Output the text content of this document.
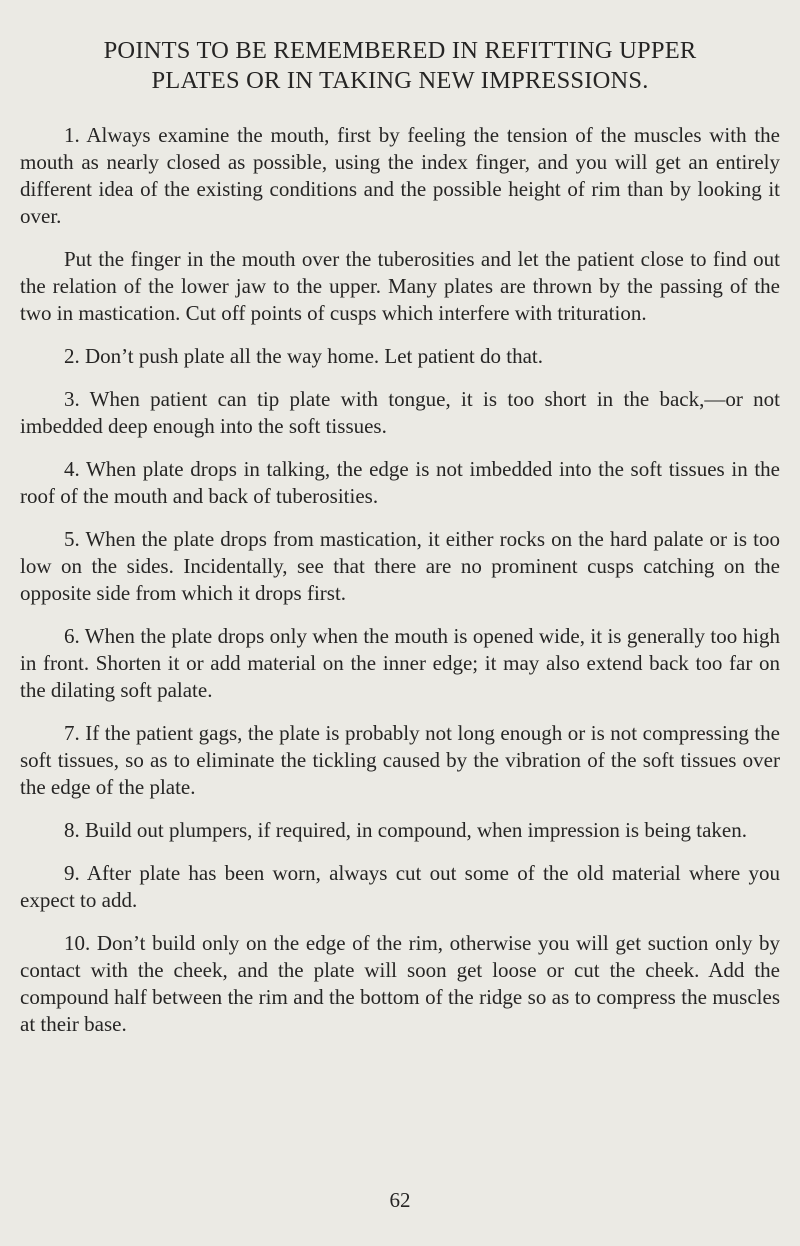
POINTS TO BE REMEMBERED IN REFITTING UPPER
PLATES OR IN TAKING NEW IMPRESSIONS.

1. Always examine the mouth, first by feeling the tension of the muscles with the mouth as nearly closed as possible, using the index finger, and you will get an entirely different idea of the existing conditions and the possible height of rim than by looking it over.

Put the finger in the mouth over the tuberosities and let the patient close to find out the relation of the lower jaw to the upper. Many plates are thrown by the passing of the two in mastication. Cut off points of cusps which interfere with trituration.

2. Don’t push plate all the way home. Let patient do that.

3. When patient can tip plate with tongue, it is too short in the back,—or not imbedded deep enough into the soft tissues.

4. When plate drops in talking, the edge is not imbedded into the soft tissues in the roof of the mouth and back of tuberosities.

5. When the plate drops from mastication, it either rocks on the hard palate or is too low on the sides. Incidentally, see that there are no prominent cusps catching on the opposite side from which it drops first.

6. When the plate drops only when the mouth is opened wide, it is generally too high in front. Shorten it or add material on the inner edge; it may also extend back too far on the dilating soft palate.

7. If the patient gags, the plate is probably not long enough or is not compressing the soft tissues, so as to eliminate the tickling caused by the vibration of the soft tissues over the edge of the plate.

8. Build out plumpers, if required, in compound, when impression is being taken.

9. After plate has been worn, always cut out some of the old material where you expect to add.

10. Don’t build only on the edge of the rim, otherwise you will get suction only by contact with the cheek, and the plate will soon get loose or cut the cheek. Add the compound half between the rim and the bottom of the ridge so as to compress the muscles at their base.

62
